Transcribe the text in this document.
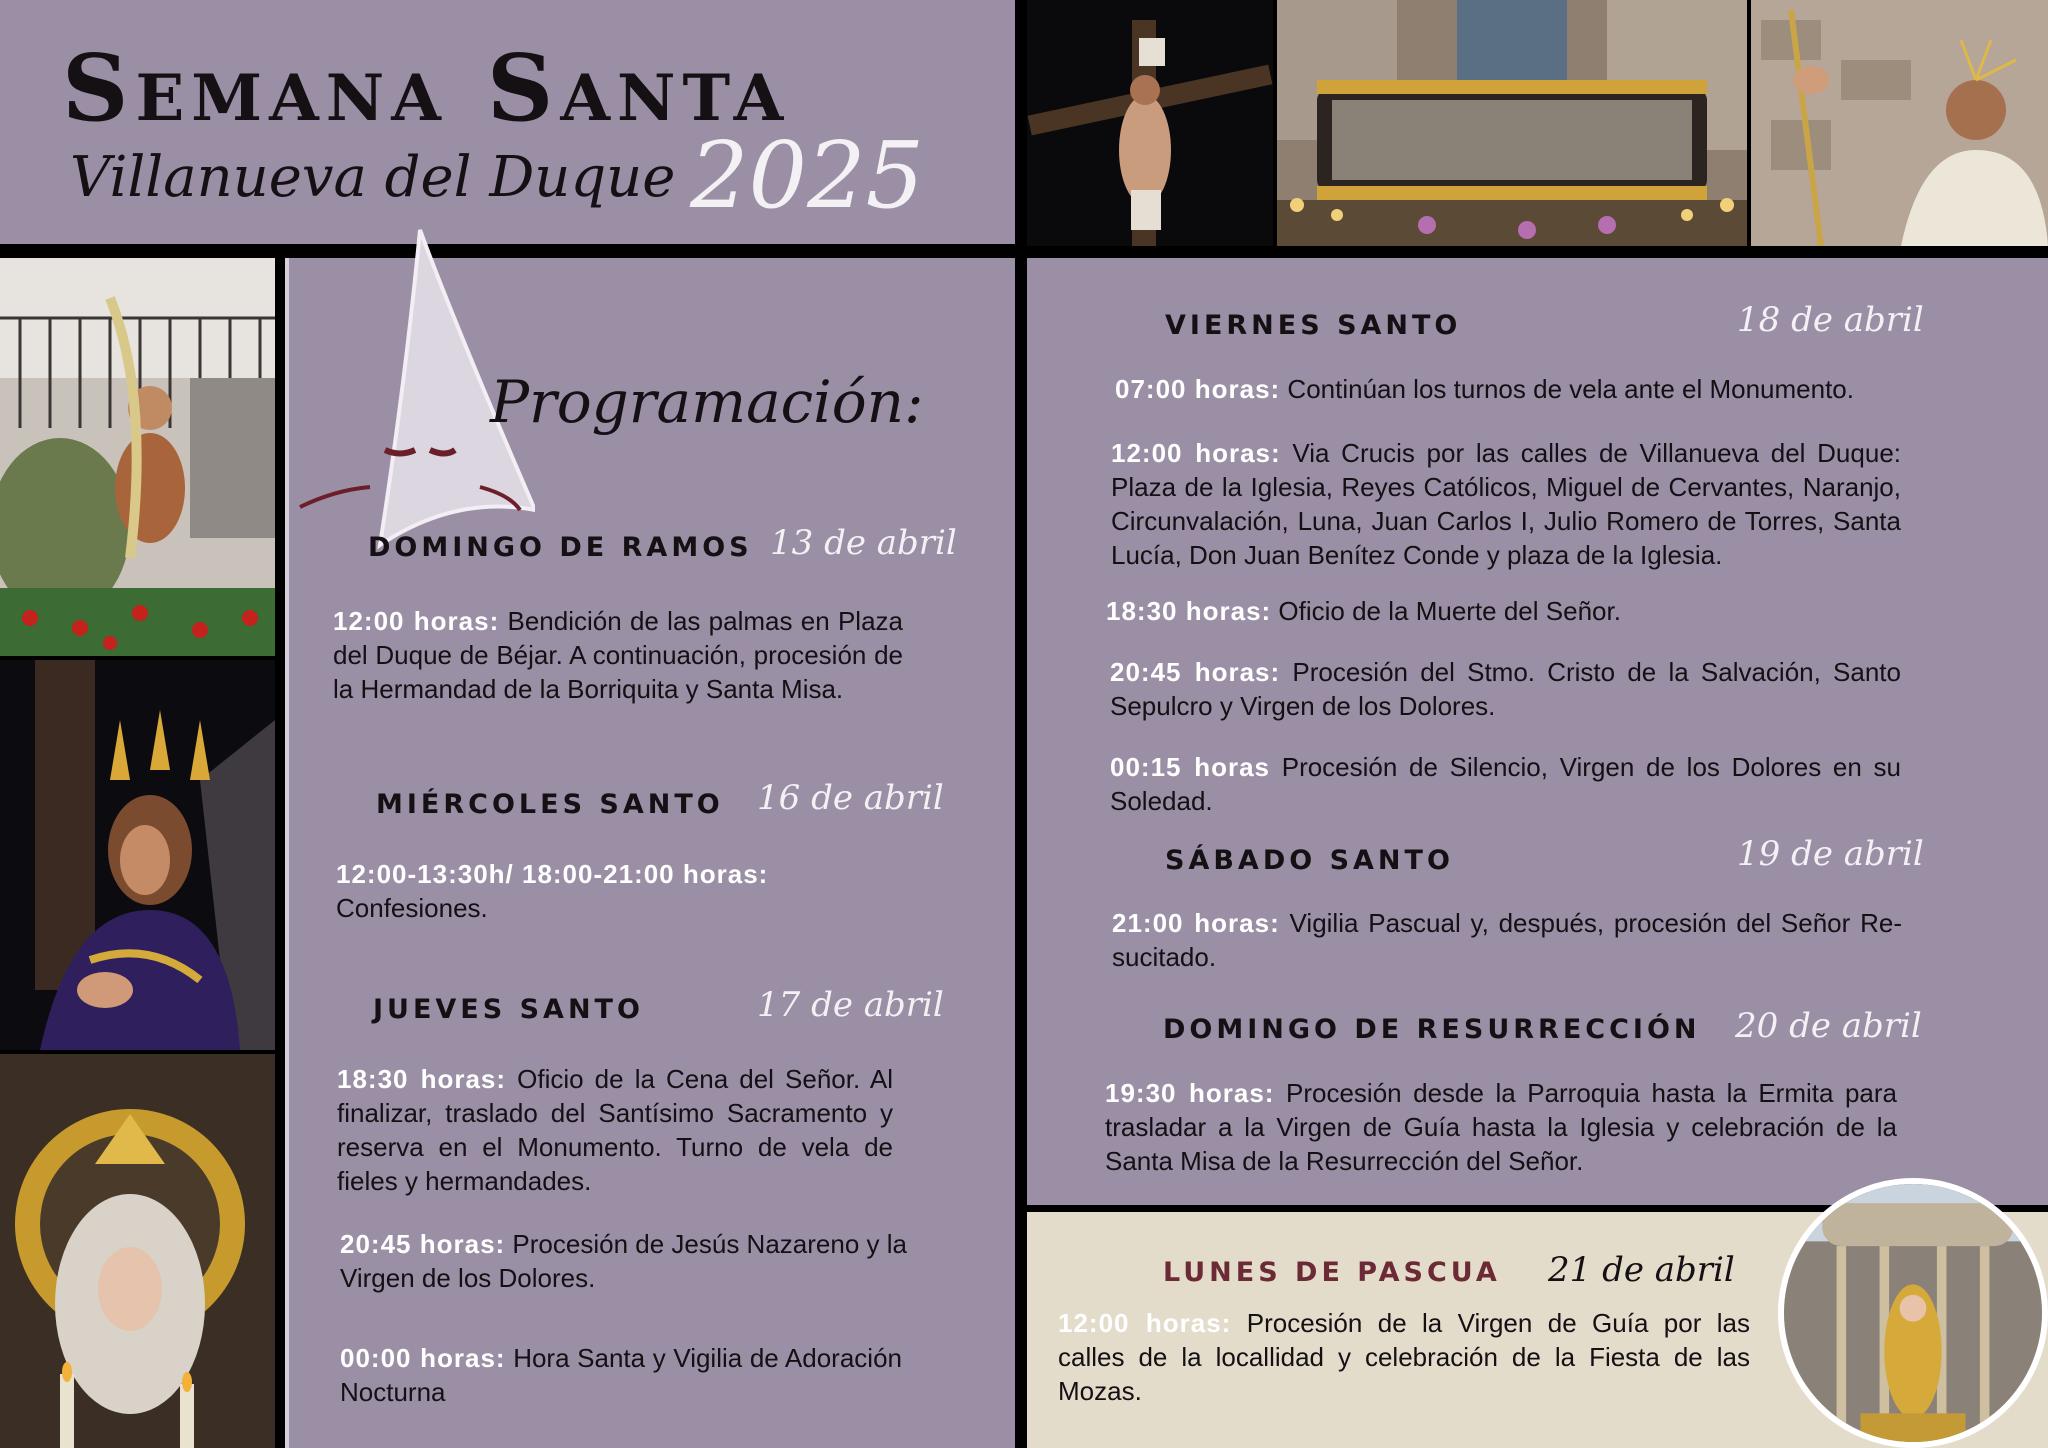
Semana Santa
Villanueva del Duque 2025
Programación:
DOMINGO DE RAMOS 13 de abril
12:00 horas: Bendición de las palmas en Plaza del Duque de Béjar. A continuación, procesión de la Hermandad de la Borriquita y Santa Misa.
MIÉRCOLES SANTO 16 de abril
12:00-13:30h/ 18:00-21:00 horas: Confesiones.
JUEVES SANTO	17 de abril
18:30 horas: Oficio de la Cena del Señor. Al finalizar, traslado del Santísimo Sacramento y reserva en el Monumento. Turno de vela de fieles y hermandades.
20:45 horas: Procesión de Jesús Nazareno y la Virgen de los Dolores.
00:00 horas: Hora Santa y Vigilia de Adoración Nocturna
VIERNES SANTO	18 de abril
07:00 horas: Continúan los turnos de vela ante el Monumento.
12:00 horas: Via Crucis por las calles de Villanueva del Duque: Plaza de la Iglesia, Reyes Católicos, Miguel de Cervantes, Naranjo, Circunvalación, Luna, Juan Carlos I, Julio Romero de Torres, Santa Lucía, Don Juan Benítez Conde y plaza de la Iglesia.
18:30 horas: Oficio de la Muerte del Señor.
20:45 horas: Procesión del Stmo. Cristo de la Salvación, Santo Sepulcro y Virgen de los Dolores.
00:15 horas Procesión de Silencio, Virgen de los Dolores en su Soledad.
SÁBADO SANTO	19 de abril
21:00 horas: Vigilia Pascual y, después, procesión del Señor Re-sucitado.
DOMINGO DE RESURRECCIÓN 20 de abril
19:30 horas: Procesión desde la Parroquia hasta la Ermita para trasladar a la Virgen de Guía hasta la Iglesia y celebración de la Santa Misa de la Resurrección del Señor.
LUNES DE PASCUA 21 de abril
12:00 horas: Procesión de la Virgen de Guía por las calles de la locallidad y celebración de la Fiesta de las Mozas.
